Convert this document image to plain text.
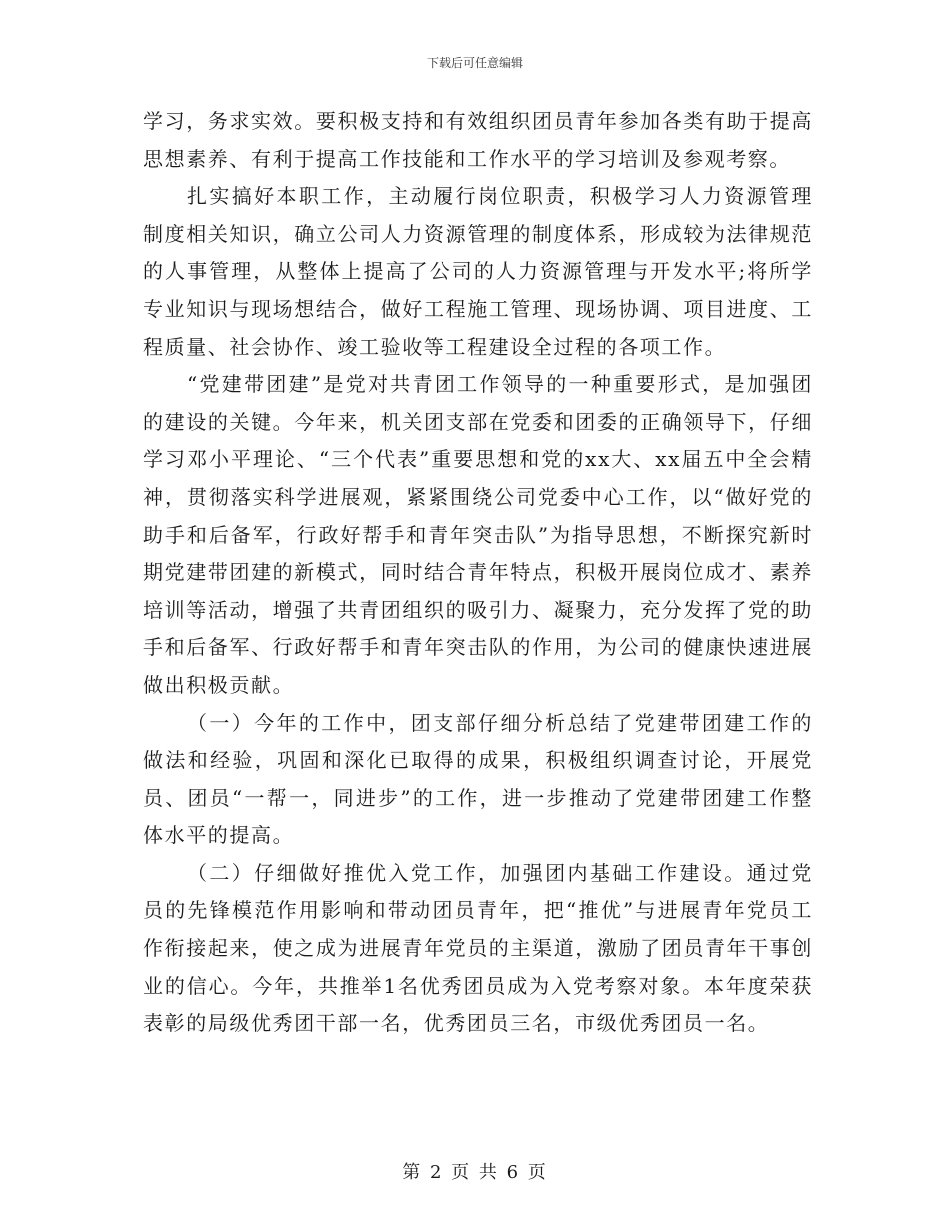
下载后可任意编辑

学习，务求实效。要积极支持和有效组织团员青年参加各类有助于提高思想素养、有利于提高工作技能和工作水平的学习培训及参观考察。

扎实搞好本职工作，主动履行岗位职责，积极学习人力资源管理制度相关知识，确立公司人力资源管理的制度体系，形成较为法律规范的人事管理，从整体上提高了公司的人力资源管理与开发水平;将所学专业知识与现场想结合，做好工程施工管理、现场协调、项目进度、工程质量、社会协作、竣工验收等工程建设全过程的各项工作。

“党建带团建”是党对共青团工作领导的一种重要形式，是加强团的建设的关键。今年来，机关团支部在党委和团委的正确领导下，仔细学习邓小平理论、“三个代表”重要思想和党的xx大、xx届五中全会精神，贯彻落实科学进展观，紧紧围绕公司党委中心工作，以“做好党的助手和后备军，行政好帮手和青年突击队”为指导思想，不断探究新时期党建带团建的新模式，同时结合青年特点，积极开展岗位成才、素养培训等活动，增强了共青团组织的吸引力、凝聚力，充分发挥了党的助手和后备军、行政好帮手和青年突击队的作用，为公司的健康快速进展做出积极贡献。

（一）今年的工作中，团支部仔细分析总结了党建带团建工作的做法和经验，巩固和深化已取得的成果，积极组织调查讨论，开展党员、团员“一帮一，同进步”的工作，进一步推动了党建带团建工作整体水平的提高。

（二）仔细做好推优入党工作，加强团内基础工作建设。通过党员的先锋模范作用影响和带动团员青年，把“推优”与进展青年党员工作衔接起来，使之成为进展青年党员的主渠道，激励了团员青年干事创业的信心。今年，共推举1名优秀团员成为入党考察对象。本年度荣获表彰的局级优秀团干部一名，优秀团员三名，市级优秀团员一名。

第 2 页 共 6 页
